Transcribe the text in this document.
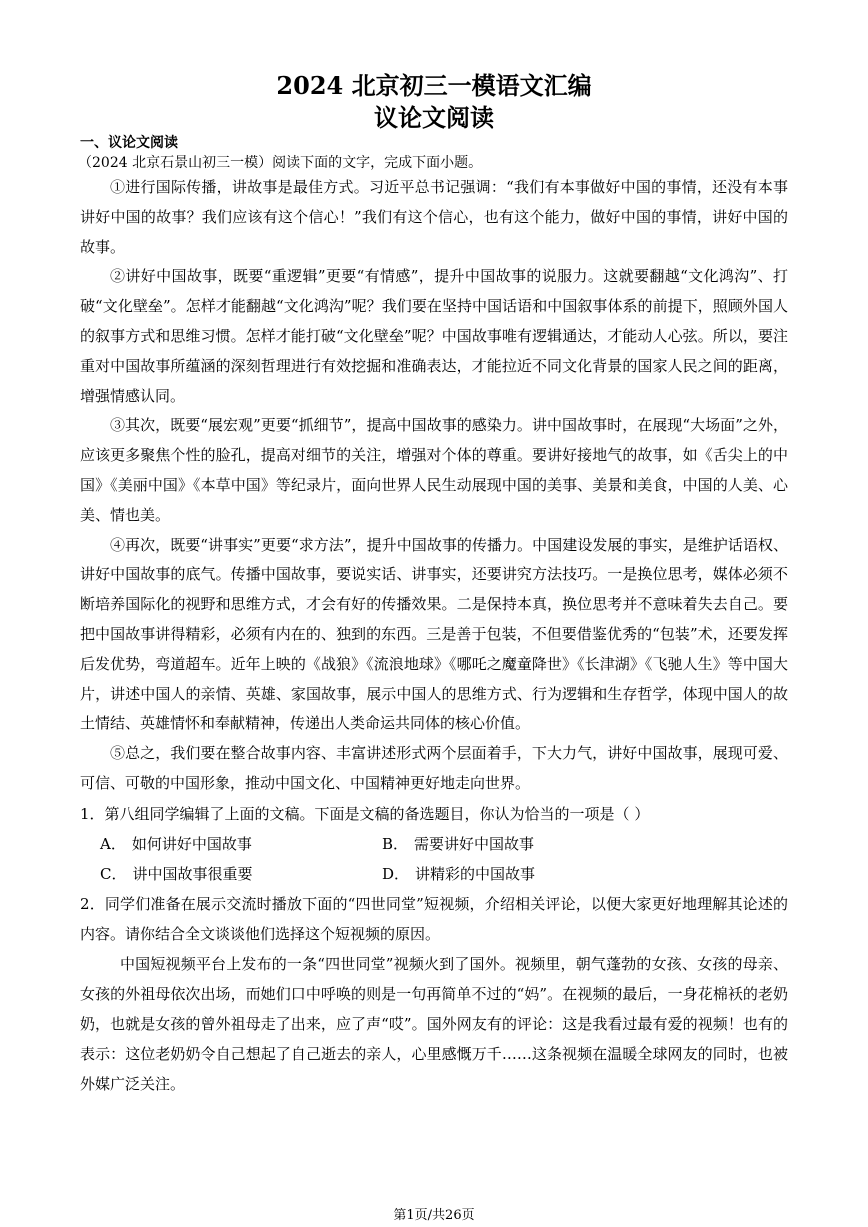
2024 北京初三一模语文汇编
议论文阅读

一、议论文阅读

（2024 北京石景山初三一模）阅读下面的文字，完成下面小题。

①进行国际传播，讲故事是最佳方式。习近平总书记强调：“我们有本事做好中国的事情，还没有本事讲好中国的故事？我们应该有这个信心！”我们有这个信心，也有这个能力，做好中国的事情，讲好中国的故事。

②讲好中国故事，既要“重逻辑”更要“有情感”，提升中国故事的说服力。这就要翻越“文化鸿沟”、打破“文化壁垒”。怎样才能翻越“文化鸿沟”呢？我们要在坚持中国话语和中国叙事体系的前提下，照顾外国人的叙事方式和思维习惯。怎样才能打破“文化壁垒”呢？中国故事唯有逻辑通达，才能动人心弦。所以，要注重对中国故事所蕴涵的深刻哲理进行有效挖掘和准确表达，才能拉近不同文化背景的国家人民之间的距离，增强情感认同。

③其次，既要“展宏观”更要“抓细节”，提高中国故事的感染力。讲中国故事时，在展现“大场面”之外，应该更多聚焦个性的脸孔，提高对细节的关注，增强对个体的尊重。要讲好接地气的故事，如《舌尖上的中国》《美丽中国》《本草中国》等纪录片，面向世界人民生动展现中国的美事、美景和美食，中国的人美、心美、情也美。

④再次，既要“讲事实”更要“求方法”，提升中国故事的传播力。中国建设发展的事实，是维护话语权、讲好中国故事的底气。传播中国故事，要说实话、讲事实，还要讲究方法技巧。一是换位思考，媒体必须不断培养国际化的视野和思维方式，才会有好的传播效果。二是保持本真，换位思考并不意味着失去自己。要把中国故事讲得精彩，必须有内在的、独到的东西。三是善于包装，不但要借鉴优秀的“包装”术，还要发挥后发优势，弯道超车。近年上映的《战狼》《流浪地球》《哪吒之魔童降世》《长津湖》《飞驰人生》等中国大片，讲述中国人的亲情、英雄、家国故事，展示中国人的思维方式、行为逻辑和生存哲学，体现中国人的故土情结、英雄情怀和奉献精神，传递出人类命运共同体的核心价值。

⑤总之，我们要在整合故事内容、丰富讲述形式两个层面着手，下大力气，讲好中国故事，展现可爱、可信、可敬的中国形象，推动中国文化、中国精神更好地走向世界。

1．第八组同学编辑了上面的文稿。下面是文稿的备选题目，你认为恰当的一项是（ ）

A． 如何讲好中国故事	B． 需要讲好中国故事
C． 讲中国故事很重要	D． 讲精彩的中国故事

2．同学们准备在展示交流时播放下面的“四世同堂”短视频，介绍相关评论，以便大家更好地理解其论述的内容。请你结合全文谈谈他们选择这个短视频的原因。

中国短视频平台上发布的一条“四世同堂”视频火到了国外。视频里，朝气蓬勃的女孩、女孩的母亲、女孩的外祖母依次出场，而她们口中呼唤的则是一句再简单不过的“妈”。在视频的最后，一身花棉袄的老奶奶，也就是女孩的曾外祖母走了出来，应了声“哎”。国外网友有的评论：这是我看过最有爱的视频！也有的表示：这位老奶奶令自己想起了自己逝去的亲人，心里感慨万千……这条视频在温暖全球网友的同时，也被外媒广泛关注。

第1页/共26页
